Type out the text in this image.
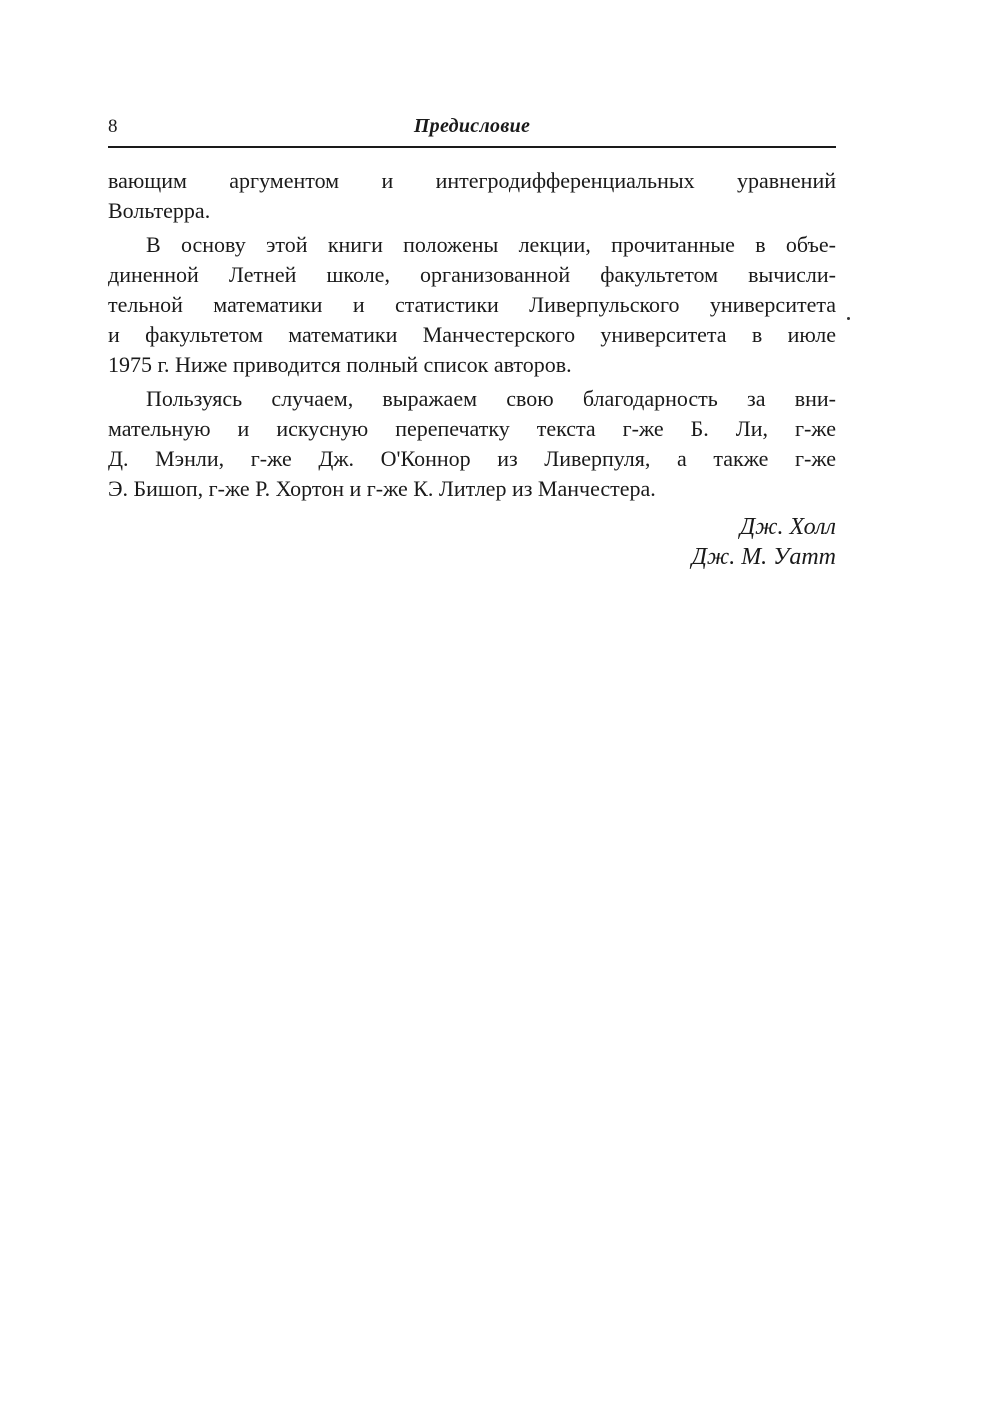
8	Предисловие
вающим аргументом и интегродифференциальных уравнений
Вольтерра.
В основу этой книги положены лекции, прочитанные в объе-
диненной Летней школе, организованной факультетом вычисли-
тельной математики и статистики Ливерпульского университета
и факультетом математики Манчестерского университета в июле
1975 г. Ниже приводится полный список авторов.
Пользуясь случаем, выражаем свою благодарность за вни-
мательную и искусную перепечатку текста г-же Б. Ли, г-же
Д. Мэнли, г-же Дж. О'Коннор из Ливерпуля, а также г-же
Э. Бишоп, г-же Р. Хортон и г-же К. Литлер из Манчестера.
Дж. Холл
Дж. М. Уатт
